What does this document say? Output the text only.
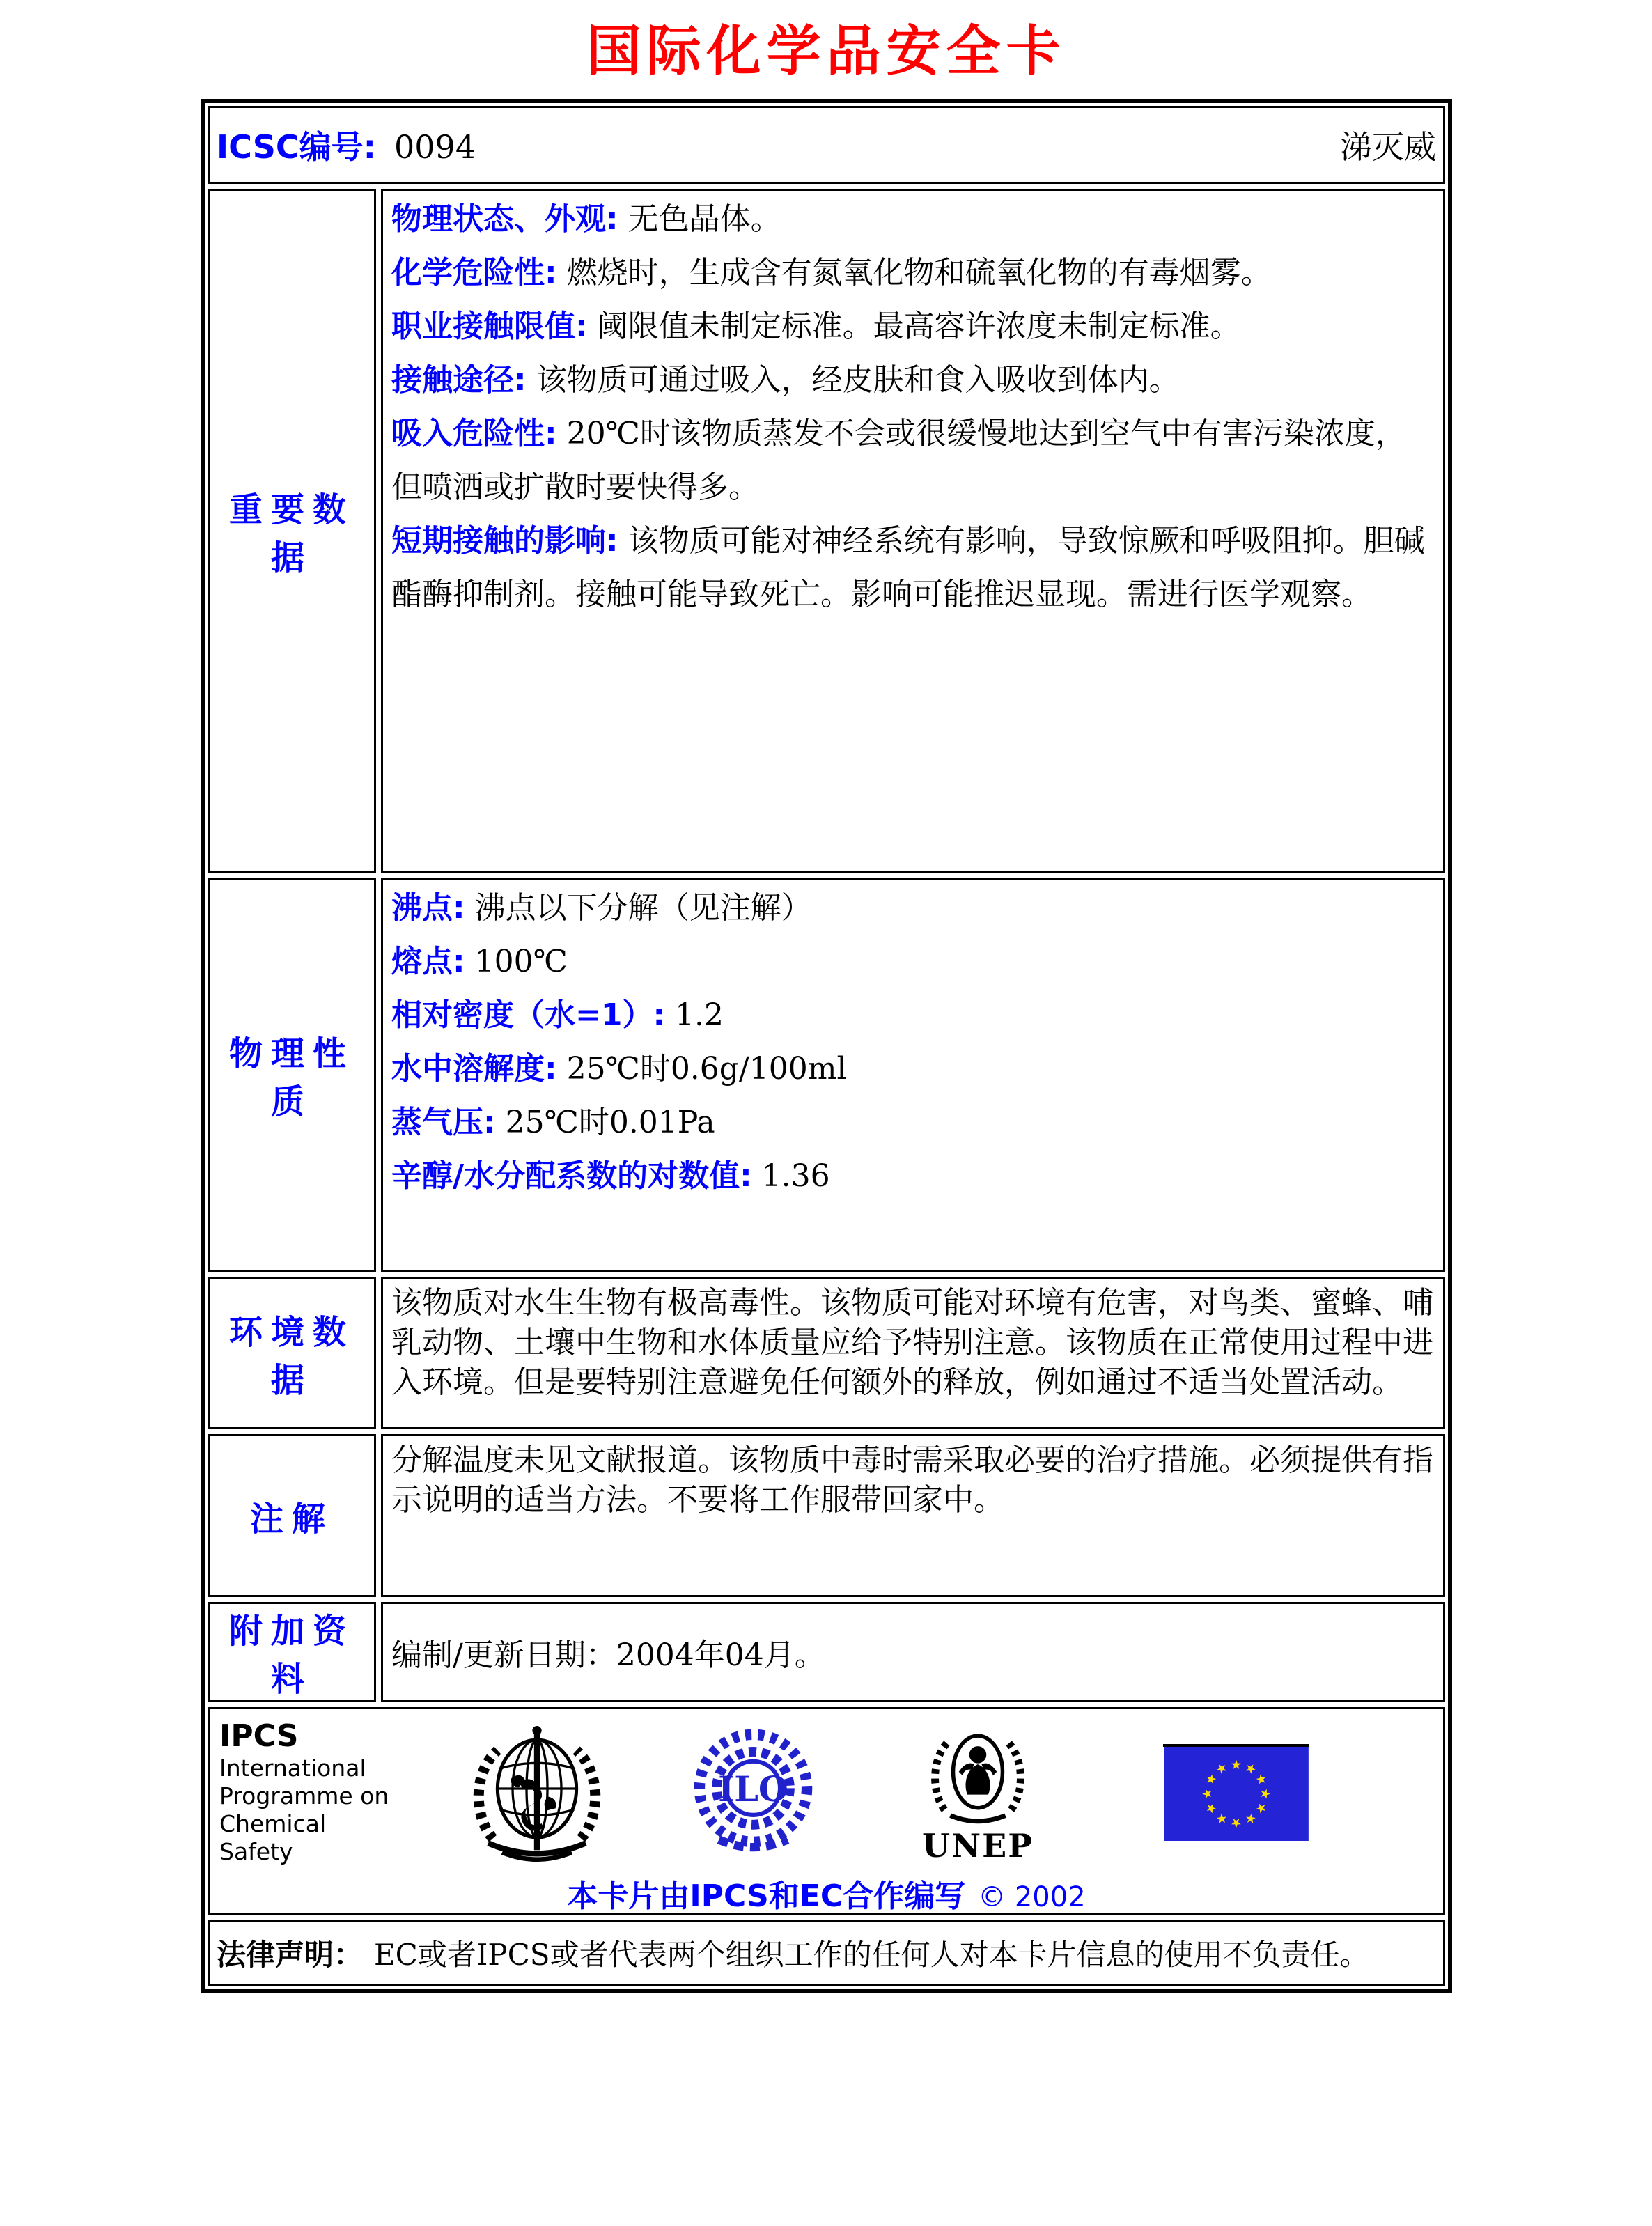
国际化学品安全卡
ICSC编号: 0094	涕灭威
重要数据
物理状态、外观: 无色晶体。
化学危险性: 燃烧时，生成含有氮氧化物和硫氧化物的有毒烟雾。
职业接触限值: 阈限值未制定标准。最高容许浓度未制定标准。
接触途径: 该物质可通过吸入，经皮肤和食入吸收到体内。
吸入危险性: 20℃时该物质蒸发不会或很缓慢地达到空气中有害污染浓度，但喷洒或扩散时要快得多。
短期接触的影响: 该物质可能对神经系统有影响，导致惊厥和呼吸阻抑。胆碱酯酶抑制剂。接触可能导致死亡。影响可能推迟显现。需进行医学观察。
物理性质
沸点: 沸点以下分解（见注解）
熔点: 100℃
相对密度（水=1）: 1.2
水中溶解度: 25℃时0.6g/100ml
蒸气压: 25℃时0.01Pa
辛醇/水分配系数的对数值: 1.36
环境数据
该物质对水生生物有极高毒性。该物质可能对环境有危害，对鸟类、蜜蜂、哺乳动物、土壤中生物和水体质量应给予特别注意。该物质在正常使用过程中进入环境。但是要特别注意避免任何额外的释放，例如通过不适当处置活动。
注解
分解温度未见文献报道。该物质中毒时需采取必要的治疗措施。必须提供有指示说明的适当方法。不要将工作服带回家中。
附加资料
编制/更新日期：2004年04月。
IPCS
International
Programme on
Chemical Safety
ILO
UNEP
本卡片由IPCS和EC合作编写 © 2002
法律声明： EC或者IPCS或者代表两个组织工作的任何人对本卡片信息的使用不负责任。
